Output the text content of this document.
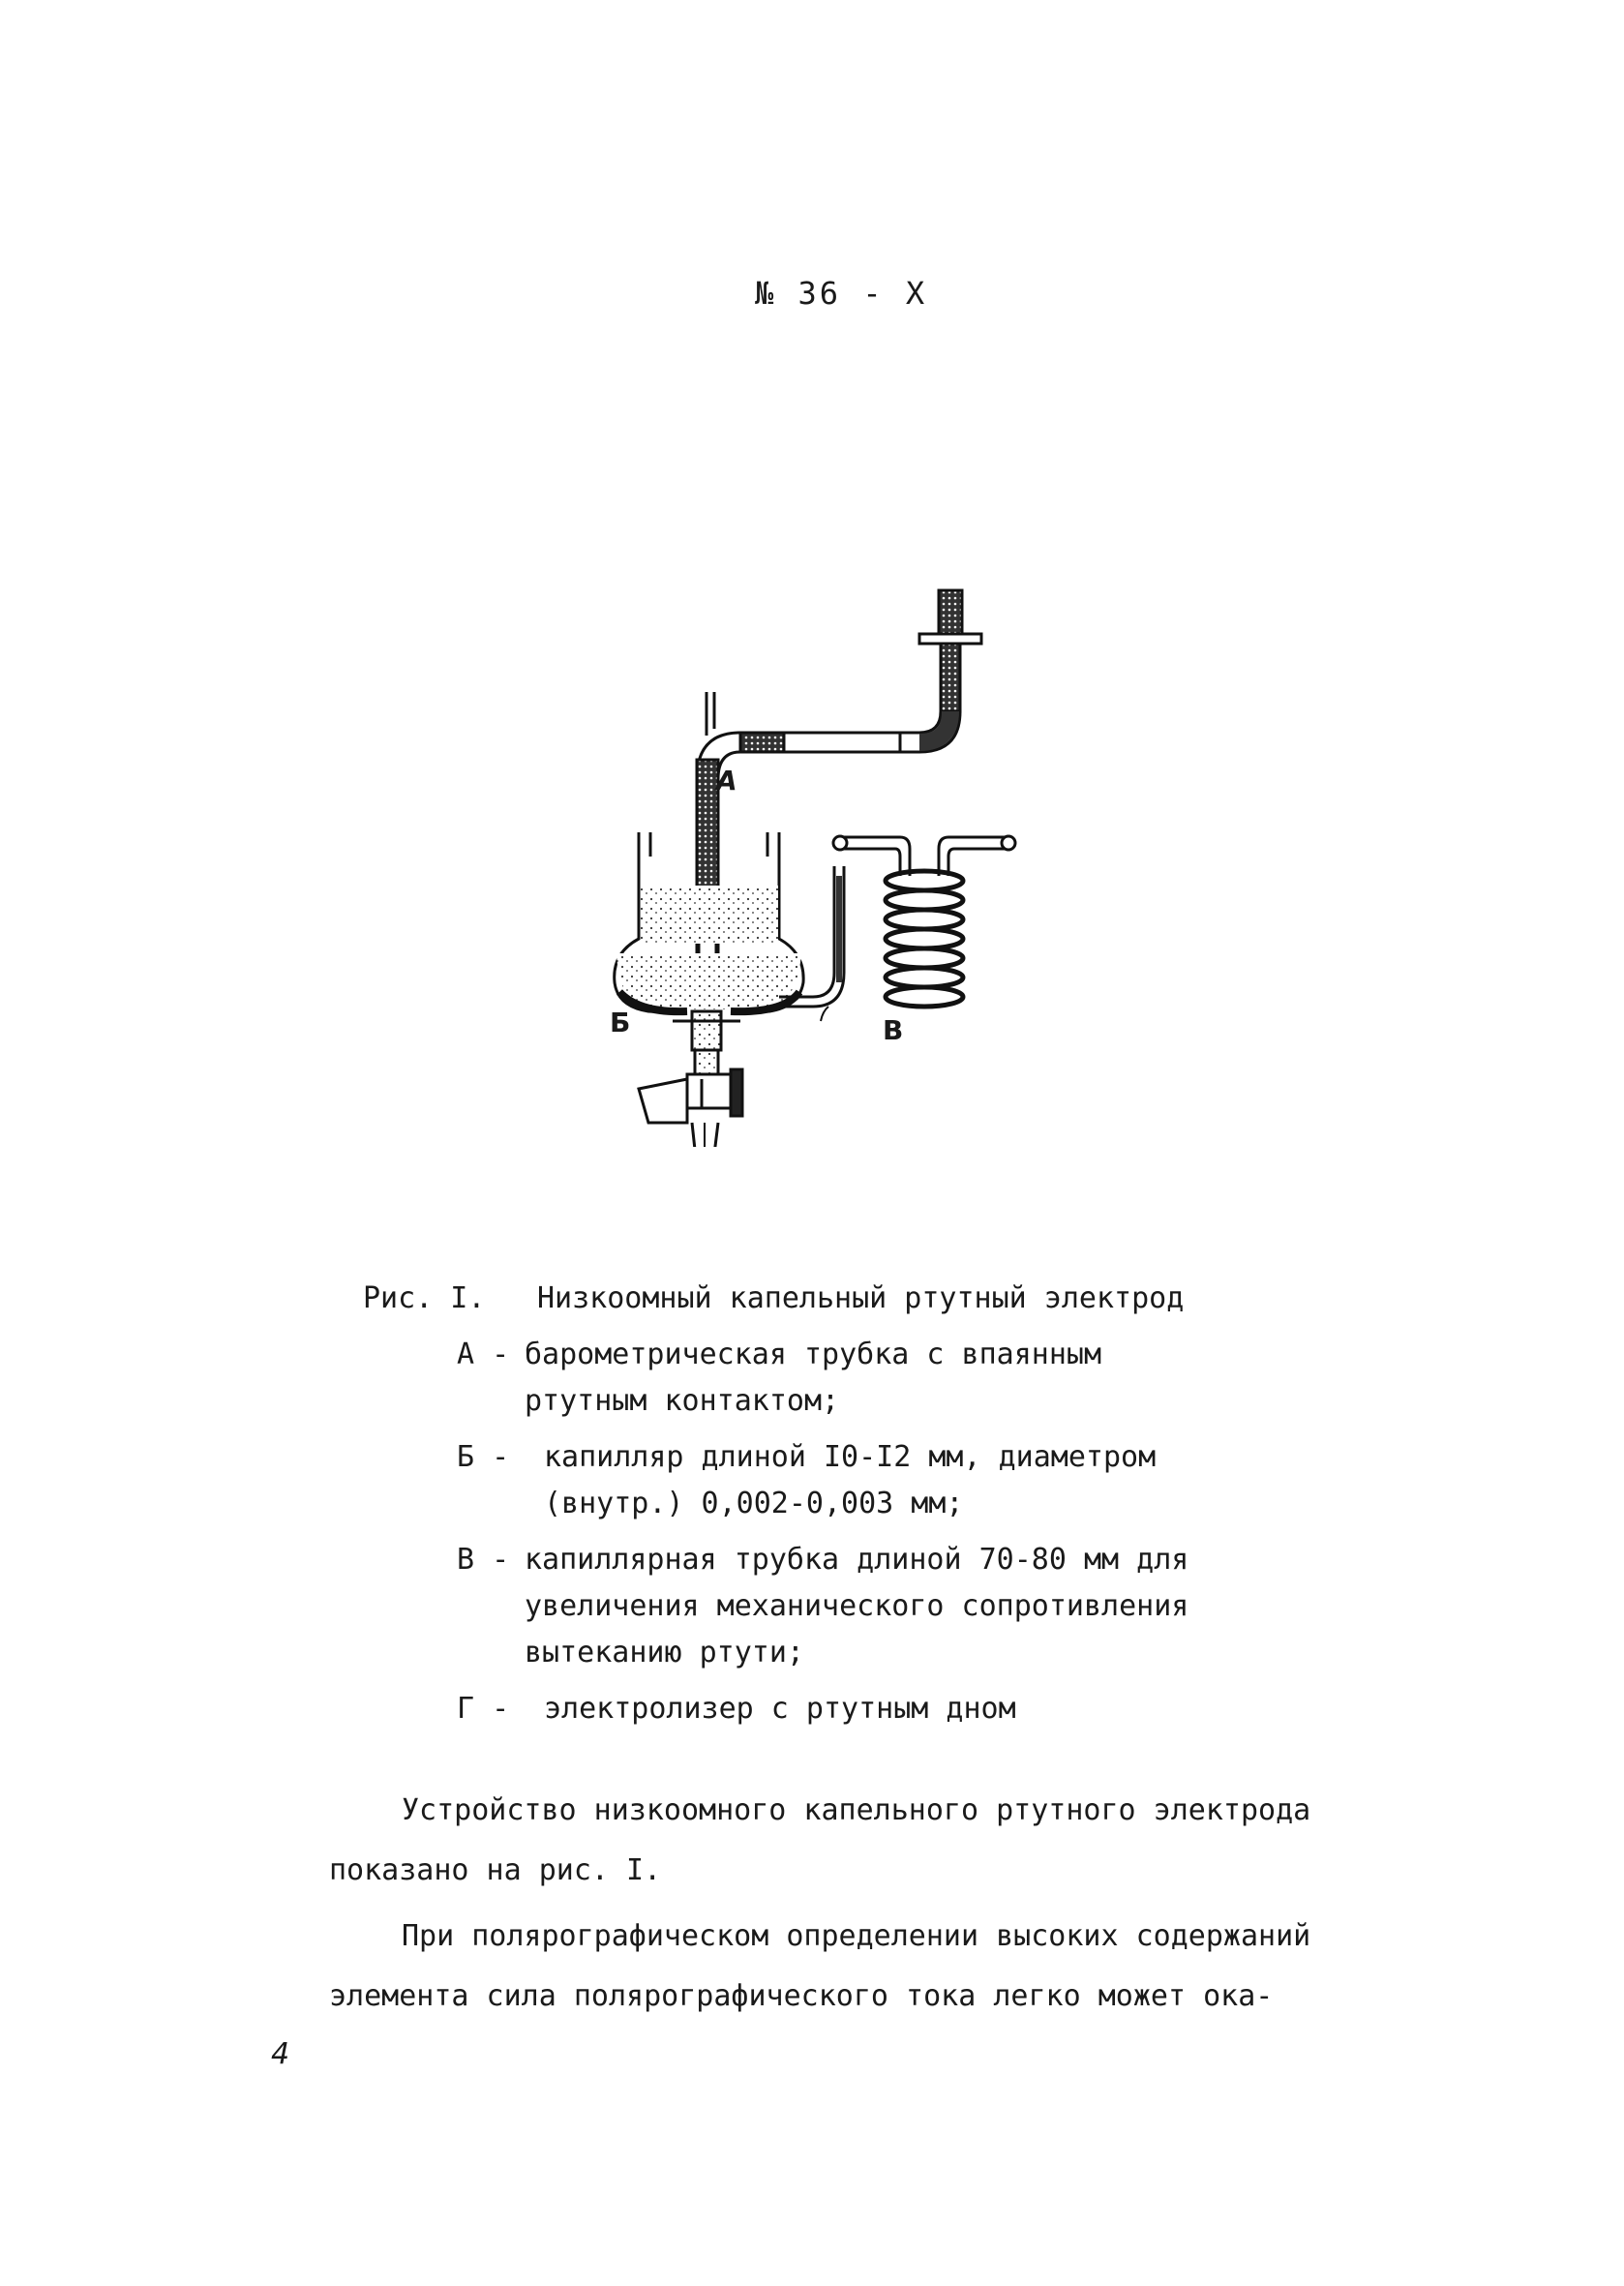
№ 36 - X
А
Б	В
Рис. I.	Низкоомный капельный ртутный электрод
А - барометрическая трубка с впаянным ртутным контактом;
Б -	капилляр длиной I0-I2 мм, диаметром (внутр.) 0,002-0,003 мм;
В - капиллярная трубка длиной 70-80 мм для увеличения механического сопротивления вытеканию ртути;
Г -	электролизер с ртутным дном

Устройство низкоомного капельного ртутного электрода показано на рис. I.

При полярографическом определении высоких содержаний элемента сила полярографического тока легко может ока-

4
